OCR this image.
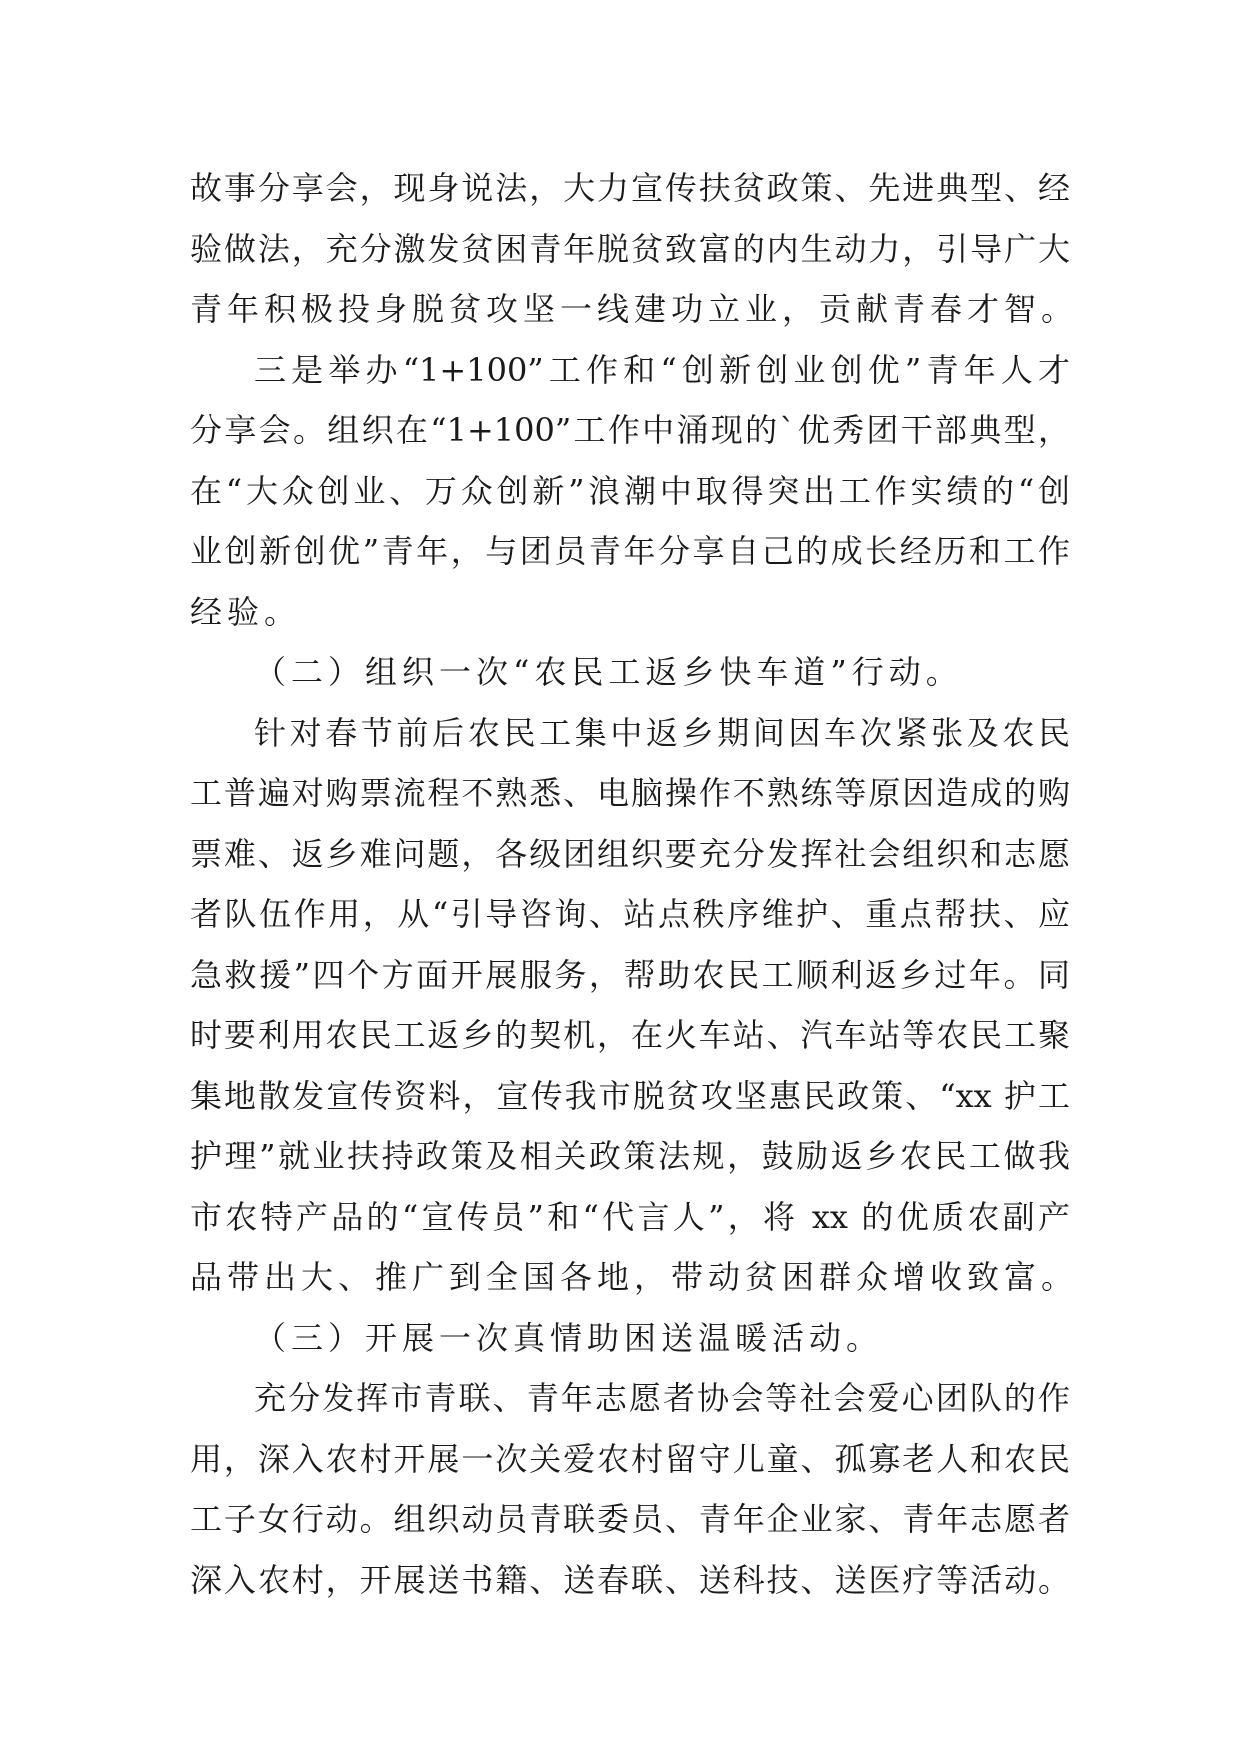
故事分享会，现身说法，大力宣传扶贫政策、先进典型、经
验做法，充分激发贫困青年脱贫致富的内生动力，引导广大
青年积极投身脱贫攻坚一线建功立业，贡献青春才智。
三是举办“1+100”工作和“创新创业创优”青年人才
分享会。组织在“1+100”工作中涌现的`优秀团干部典型，
在“大众创业、万众创新”浪潮中取得突出工作实绩的“创
业创新创优”青年，与团员青年分享自己的成长经历和工作
经验。
（二）组织一次“农民工返乡快车道”行动。
针对春节前后农民工集中返乡期间因车次紧张及农民
工普遍对购票流程不熟悉、电脑操作不熟练等原因造成的购
票难、返乡难问题，各级团组织要充分发挥社会组织和志愿
者队伍作用，从“引导咨询、站点秩序维护、重点帮扶、应
急救援”四个方面开展服务，帮助农民工顺利返乡过年。同
时要利用农民工返乡的契机，在火车站、汽车站等农民工聚
集地散发宣传资料，宣传我市脱贫攻坚惠民政策、“xx 护工
护理”就业扶持政策及相关政策法规，鼓励返乡农民工做我
市农特产品的“宣传员”和“代言人”，将 xx 的优质农副产
品带出大、推广到全国各地，带动贫困群众增收致富。
（三）开展一次真情助困送温暖活动。
充分发挥市青联、青年志愿者协会等社会爱心团队的作
用，深入农村开展一次关爱农村留守儿童、孤寡老人和农民
工子女行动。组织动员青联委员、青年企业家、青年志愿者
深入农村，开展送书籍、送春联、送科技、送医疗等活动。
